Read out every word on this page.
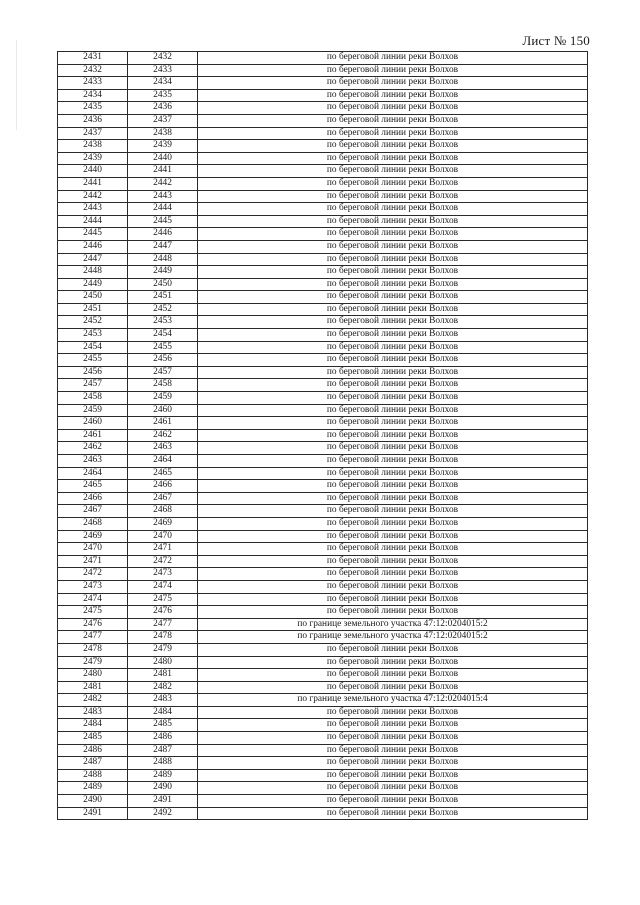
Лист № 150
2431	2432	по береговой линии реки Волхов
2432	2433	по береговой линии реки Волхов
2433	2434	по береговой линии реки Волхов
2434	2435	по береговой линии реки Волхов
2435	2436	по береговой линии реки Волхов
2436	2437	по береговой линии реки Волхов
2437	2438	по береговой линии реки Волхов
2438	2439	по береговой линии реки Волхов
2439	2440	по береговой линии реки Волхов
2440	2441	по береговой линии реки Волхов
2441	2442	по береговой линии реки Волхов
2442	2443	по береговой линии реки Волхов
2443	2444	по береговой линии реки Волхов
2444	2445	по береговой линии реки Волхов
2445	2446	по береговой линии реки Волхов
2446	2447	по береговой линии реки Волхов
2447	2448	по береговой линии реки Волхов
2448	2449	по береговой линии реки Волхов
2449	2450	по береговой линии реки Волхов
2450	2451	по береговой линии реки Волхов
2451	2452	по береговой линии реки Волхов
2452	2453	по береговой линии реки Волхов
2453	2454	по береговой линии реки Волхов
2454	2455	по береговой линии реки Волхов
2455	2456	по береговой линии реки Волхов
2456	2457	по береговой линии реки Волхов
2457	2458	по береговой линии реки Волхов
2458	2459	по береговой линии реки Волхов
2459	2460	по береговой линии реки Волхов
2460	2461	по береговой линии реки Волхов
2461	2462	по береговой линии реки Волхов
2462	2463	по береговой линии реки Волхов
2463	2464	по береговой линии реки Волхов
2464	2465	по береговой линии реки Волхов
2465	2466	по береговой линии реки Волхов
2466	2467	по береговой линии реки Волхов
2467	2468	по береговой линии реки Волхов
2468	2469	по береговой линии реки Волхов
2469	2470	по береговой линии реки Волхов
2470	2471	по береговой линии реки Волхов
2471	2472	по береговой линии реки Волхов
2472	2473	по береговой линии реки Волхов
2473	2474	по береговой линии реки Волхов
2474	2475	по береговой линии реки Волхов
2475	2476	по береговой линии реки Волхов
2476	2477	по границе земельного участка 47:12:0204015:2
2477	2478	по границе земельного участка 47:12:0204015:2
2478	2479	по береговой линии реки Волхов
2479	2480	по береговой линии реки Волхов
2480	2481	по береговой линии реки Волхов
2481	2482	по береговой линии реки Волхов
2482	2483	по границе земельного участка 47:12:0204015:4
2483	2484	по береговой линии реки Волхов
2484	2485	по береговой линии реки Волхов
2485	2486	по береговой линии реки Волхов
2486	2487	по береговой линии реки Волхов
2487	2488	по береговой линии реки Волхов
2488	2489	по береговой линии реки Волхов
2489	2490	по береговой линии реки Волхов
2490	2491	по береговой линии реки Волхов
2491	2492	по береговой линии реки Волхов
